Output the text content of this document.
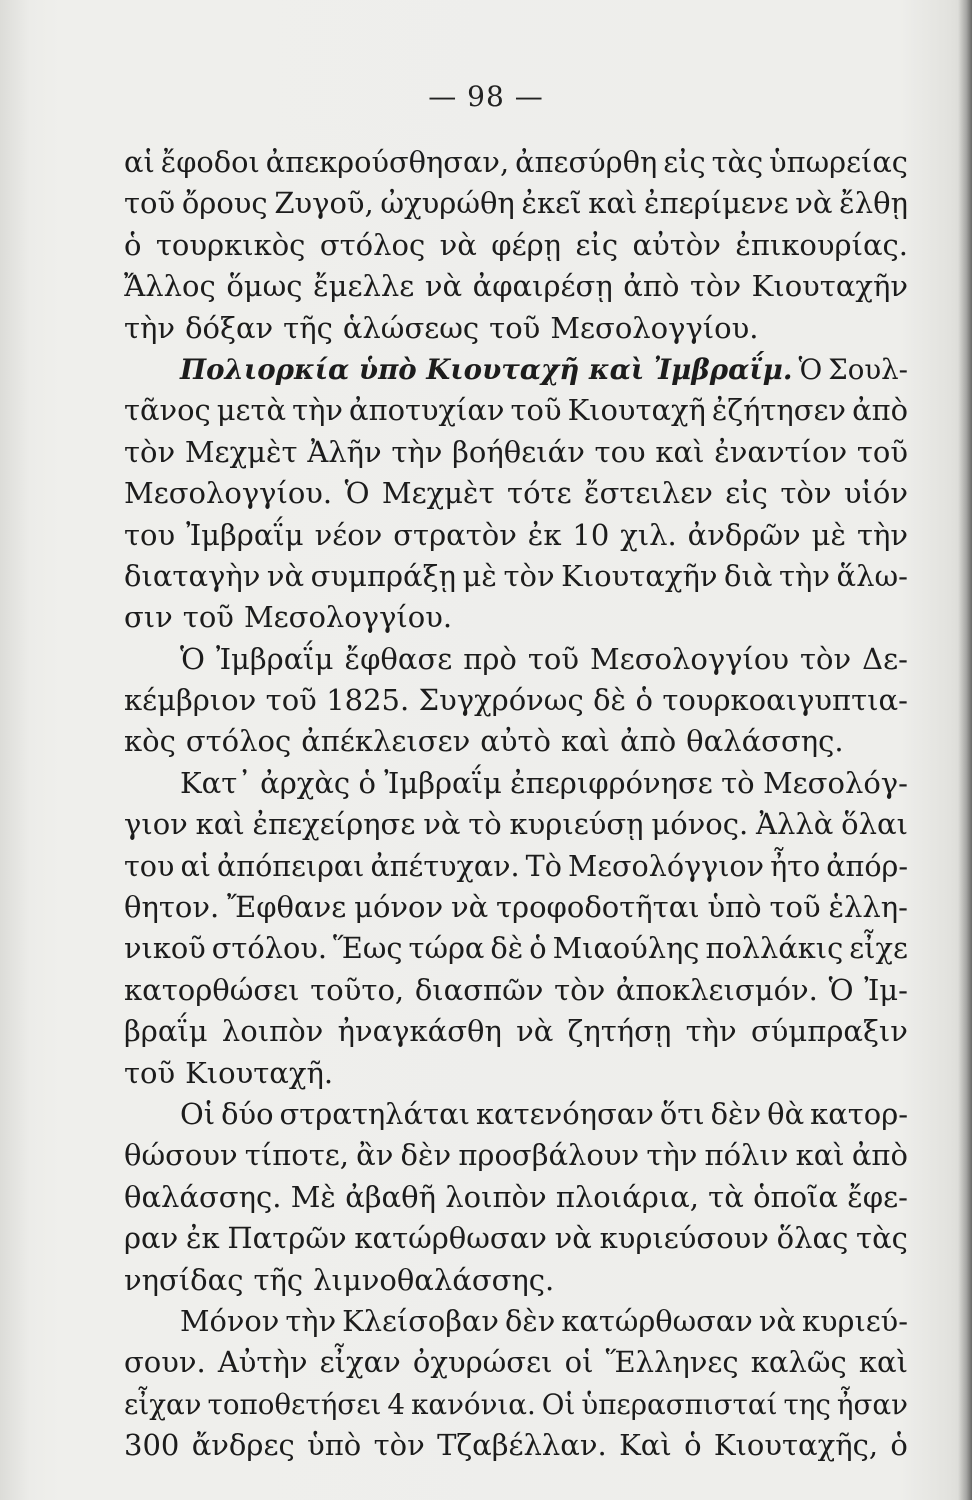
— 98 —
αἱ ἔφοδοι ἀπεκρούσθησαν, ἀπεσύρθη εἰς τὰς ὑπωρείας
τοῦ ὄρους Ζυγοῦ, ὠχυρώθη ἐκεῖ καὶ ἐπερίμενε νὰ ἔλθῃ
ὁ τουρκικὸς στόλος νὰ φέρῃ εἰς αὐτὸν ἐπικουρίας.
Ἄλλος ὅμως ἔμελλε νὰ ἀφαιρέσῃ ἀπὸ τὸν Κιουταχῆν
τὴν δόξαν τῆς ἁλώσεως τοῦ Μεσολογγίου.
Πολιορκία ὑπὸ Κιουταχῆ καὶ Ἰμβραΐμ. Ὁ Σουλ-
τᾶνος μετὰ τὴν ἀποτυχίαν τοῦ Κιουταχῆ ἐζήτησεν ἀπὸ
τὸν Μεχμὲτ Ἀλῆν τὴν βοήθειάν του καὶ ἐναντίον τοῦ
Μεσολογγίου. Ὁ Μεχμὲτ τότε ἔστειλεν εἰς τὸν υἱόν
του Ἰμβραΐμ νέον στρατὸν ἐκ 10 χιλ. ἀνδρῶν μὲ τὴν
διαταγὴν νὰ συμπράξῃ μὲ τὸν Κιουταχῆν διὰ τὴν ἅλω-
σιν τοῦ Μεσολογγίου.
Ὁ Ἰμβραΐμ ἔφθασε πρὸ τοῦ Μεσολογγίου τὸν Δε-
κέμβριον τοῦ 1825. Συγχρόνως δὲ ὁ τουρκοαιγυπτια-
κὸς στόλος ἀπέκλεισεν αὐτὸ καὶ ἀπὸ θαλάσσης.
Κατ᾽ ἀρχὰς ὁ Ἰμβραΐμ ἐπεριφρόνησε τὸ Μεσολόγ-
γιον καὶ ἐπεχείρησε νὰ τὸ κυριεύσῃ μόνος. Ἀλλὰ ὅλαι
του αἱ ἀπόπειραι ἀπέτυχαν. Τὸ Μεσολόγγιον ἦτο ἀπόρ-
θητον. Ἔφθανε μόνον νὰ τροφοδοτῆται ὑπὸ τοῦ ἑλλη-
νικοῦ στόλου. Ἕως τώρα δὲ ὁ Μιαούλης πολλάκις εἶχε
κατορθώσει τοῦτο, διασπῶν τὸν ἀποκλεισμόν. Ὁ Ἰμ-
βραΐμ λοιπὸν ἠναγκάσθη νὰ ζητήσῃ τὴν σύμπραξιν
τοῦ Κιουταχῆ.
Οἱ δύο στρατηλάται κατενόησαν ὅτι δὲν θὰ κατορ-
θώσουν τίποτε, ἂν δὲν προσβάλουν τὴν πόλιν καὶ ἀπὸ
θαλάσσης. Μὲ ἀβαθῆ λοιπὸν πλοιάρια, τὰ ὁποῖα ἔφε-
ραν ἐκ Πατρῶν κατώρθωσαν νὰ κυριεύσουν ὅλας τὰς
νησίδας τῆς λιμνοθαλάσσης.
Μόνον τὴν Κλείσοβαν δὲν κατώρθωσαν νὰ κυριεύ-
σουν. Αὐτὴν εἶχαν ὀχυρώσει οἱ Ἕλληνες καλῶς καὶ
εἶχαν τοποθετήσει 4 κανόνια. Οἱ ὑπερασπισταί της ἦσαν
300 ἄνδρες ὑπὸ τὸν Τζαβέλλαν. Καὶ ὁ Κιουταχῆς, ὁ
